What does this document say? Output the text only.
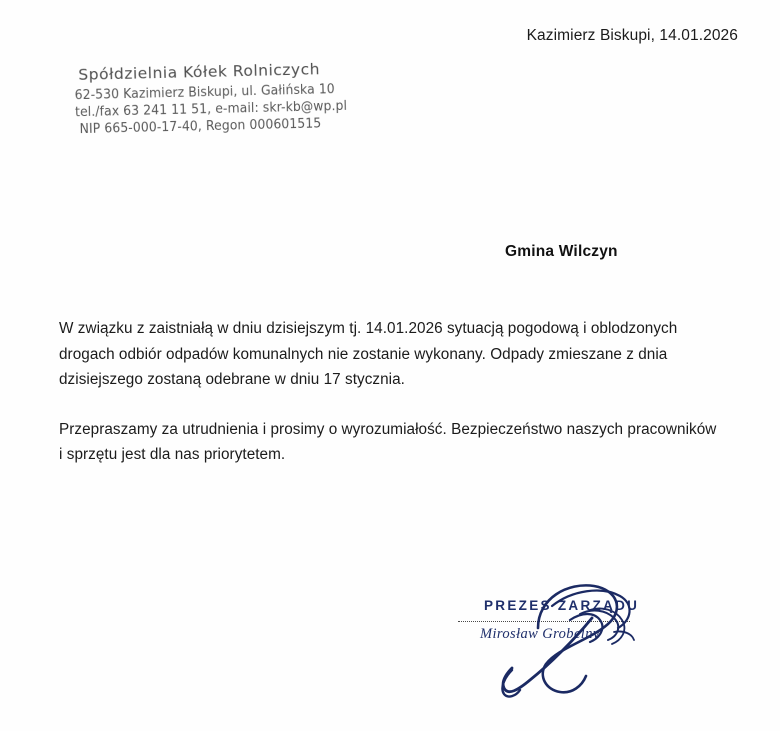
Kazimierz Biskupi, 14.01.2026
Spółdzielnia Kółek Rolniczych
62-530 Kazimierz Biskupi, ul. Gałińska 10
tel./fax 63 241 11 51, e-mail: skr-kb@wp.pl
NIP 665-000-17-40, Regon 000601515
Gmina Wilczyn

W związku z zaistniałą w dniu dzisiejszym tj. 14.01.2026 sytuacją pogodową i oblodzonych drogach odbiór odpadów komunalnych nie zostanie wykonany. Odpady zmieszane z dnia dzisiejszego zostaną odebrane w dniu 17 stycznia.

Przepraszamy za utrudnienia i prosimy o wyrozumiałość. Bezpieczeństwo naszych pracowników i sprzętu jest dla nas priorytetem.

PREZES ZARZĄDU
Mirosław Grobelny
